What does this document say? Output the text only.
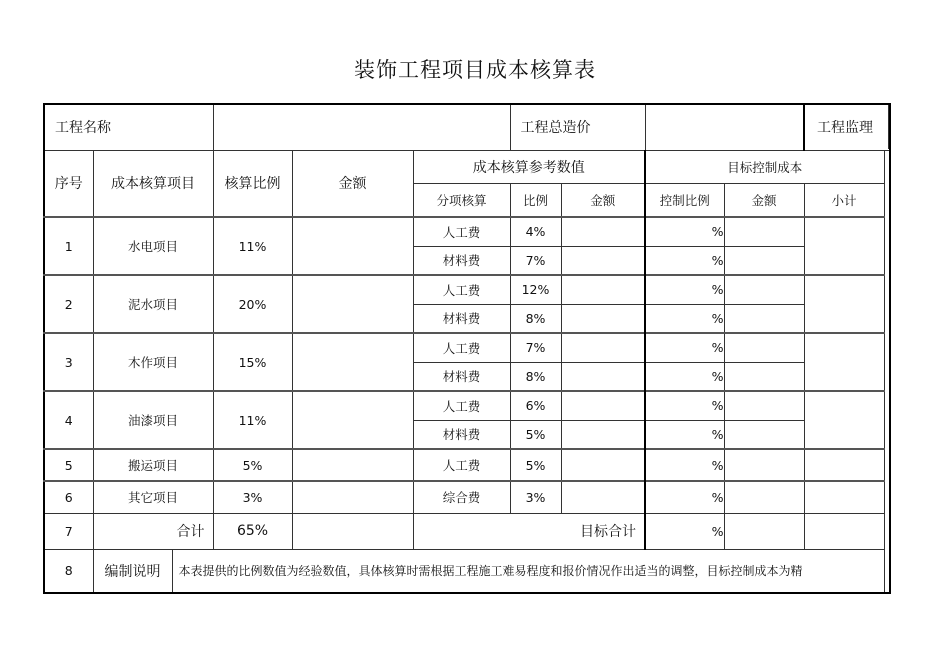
装饰工程项目成本核算表
工程名称					工程总造价				工程监理

序号	成本核算项目	核算比例	金额	成本核算参考数值			目标控制成本		
				分项核算	比例	金额	控制比例	金额	小计
1	水电项目	11%		人工费	4%		%		
				材料费	7%		%		
2	泥水项目	20%		人工费	12%		%		
				材料费	8%		%		
3	木作项目	15%		人工费	7%		%		
				材料费	8%		%		
4	油漆项目	11%		人工费	6%		%		
				材料费	5%		%		
5	搬运项目	5%		人工费	5%		%		
6	其它项目	3%		综合费	3%		%		
7	合计	65%		目标合计			%		
8	编制说明 本表提供的比例数值为经验数值，具体核算时需根据工程施工难易程度和报价情况作出适当的调整，目标控制成本为精								
